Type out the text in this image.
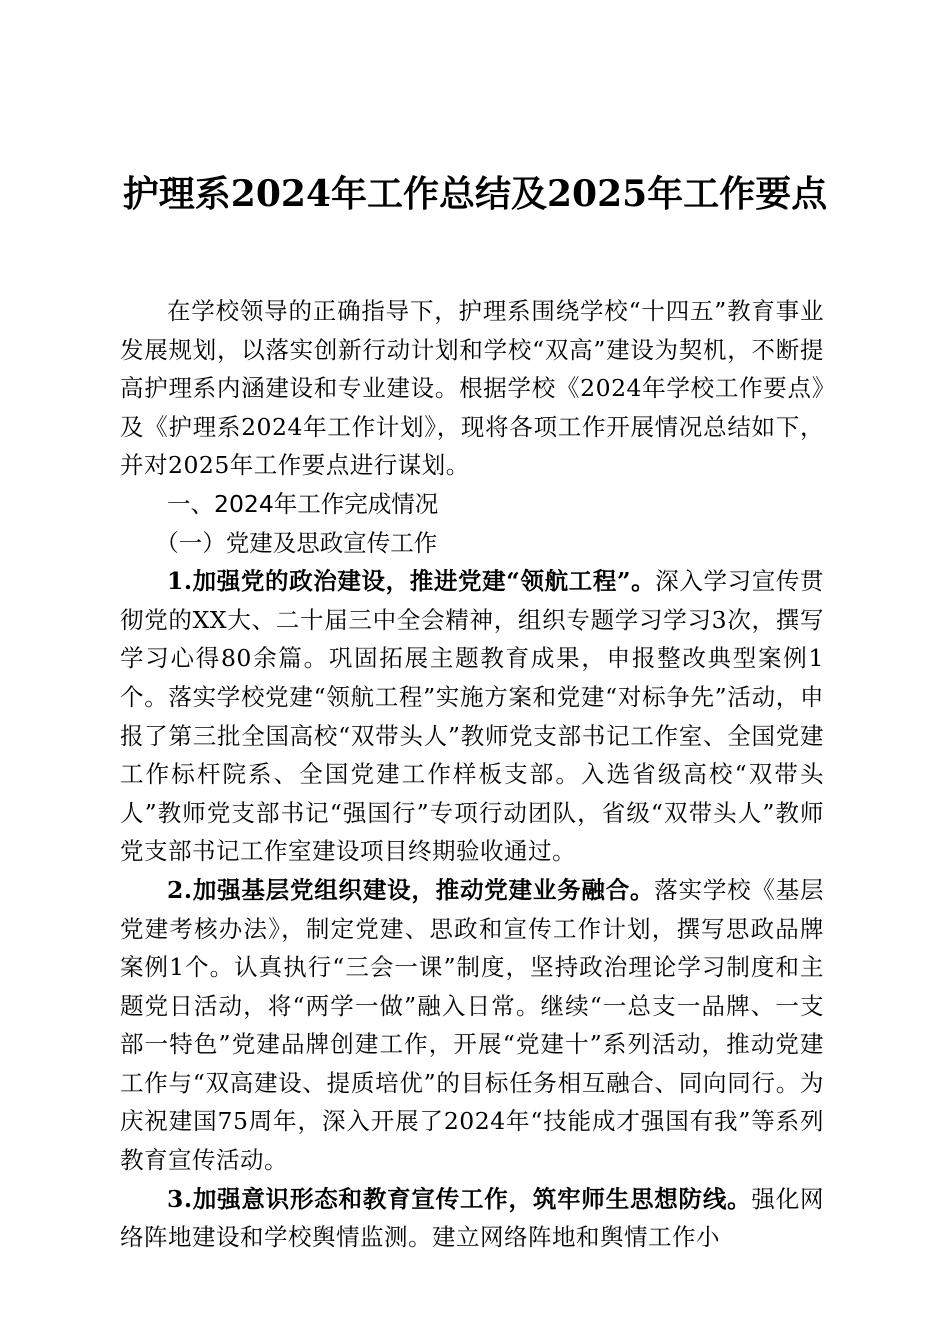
护理系2024年工作总结及2025年工作要点

在学校领导的正确指导下，护理系围绕学校“十四五”教育事业发展规划，以落实创新行动计划和学校“双高”建设为契机，不断提高护理系内涵建设和专业建设。根据学校《2024年学校工作要点》及《护理系2024年工作计划》，现将各项工作开展情况总结如下，并对2025年工作要点进行谋划。

一、2024年工作完成情况

（一）党建及思政宣传工作

1.加强党的政治建设，推进党建“领航工程”。深入学习宣传贯彻党的XX大、二十届三中全会精神，组织专题学习学习3次，撰写学习心得80余篇。巩固拓展主题教育成果，申报整改典型案例1个。落实学校党建“领航工程”实施方案和党建“对标争先”活动，申报了第三批全国高校“双带头人”教师党支部书记工作室、全国党建工作标杆院系、全国党建工作样板支部。入选省级高校“双带头人”教师党支部书记“强国行”专项行动团队，省级“双带头人”教师党支部书记工作室建设项目终期验收通过。

2.加强基层党组织建设，推动党建业务融合。落实学校《基层党建考核办法》，制定党建、思政和宣传工作计划，撰写思政品牌案例1个。认真执行“三会一课”制度，坚持政治理论学习制度和主题党日活动，将“两学一做”融入日常。继续“一总支一品牌、一支部一特色”党建品牌创建工作，开展“党建十”系列活动，推动党建工作与“双高建设、提质培优”的目标任务相互融合、同向同行。为庆祝建国75周年，深入开展了2024年“技能成才强国有我”等系列教育宣传活动。

3.加强意识形态和教育宣传工作，筑牢师生思想防线。强化网络阵地建设和学校舆情监测。建立网络阵地和舆情工作小
